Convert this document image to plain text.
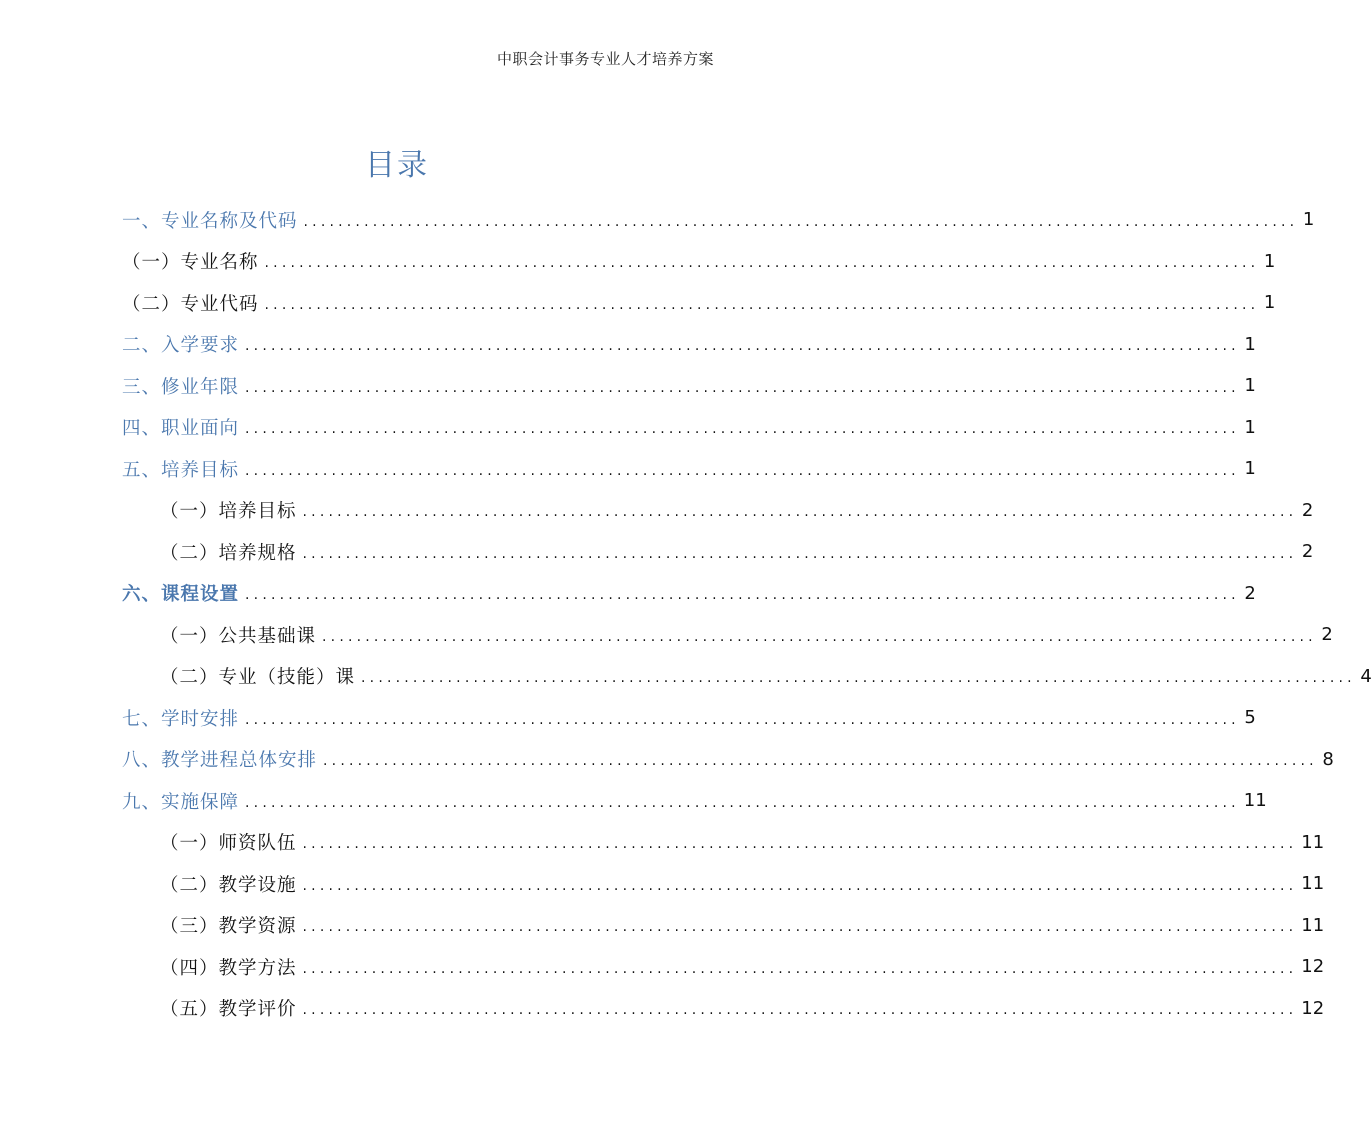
中职会计事务专业人才培养方案
目录
一、专业名称及代码 ................................................................................................................... 1
（一）专业名称 ................................................................................................................... 1
（二）专业代码 ................................................................................................................... 1
二、入学要求 ................................................................................................................... 1
三、修业年限 ................................................................................................................... 1
四、职业面向 ................................................................................................................... 1
五、培养目标 ................................................................................................................... 1
（一）培养目标 ................................................................................................................... 2
（二）培养规格 ................................................................................................................... 2
六、课程设置 ................................................................................................................... 2
（一）公共基础课 ................................................................................................................... 2
（二）专业（技能）课 ................................................................................................................... 4
七、学时安排 ................................................................................................................... 5
八、教学进程总体安排 ................................................................................................................... 8
九、实施保障 ................................................................................................................... 11
（一）师资队伍 ................................................................................................................... 11
（二）教学设施 ................................................................................................................... 11
（三）教学资源 ................................................................................................................... 11
（四）教学方法 ................................................................................................................... 12
（五）教学评价 ................................................................................................................... 12
